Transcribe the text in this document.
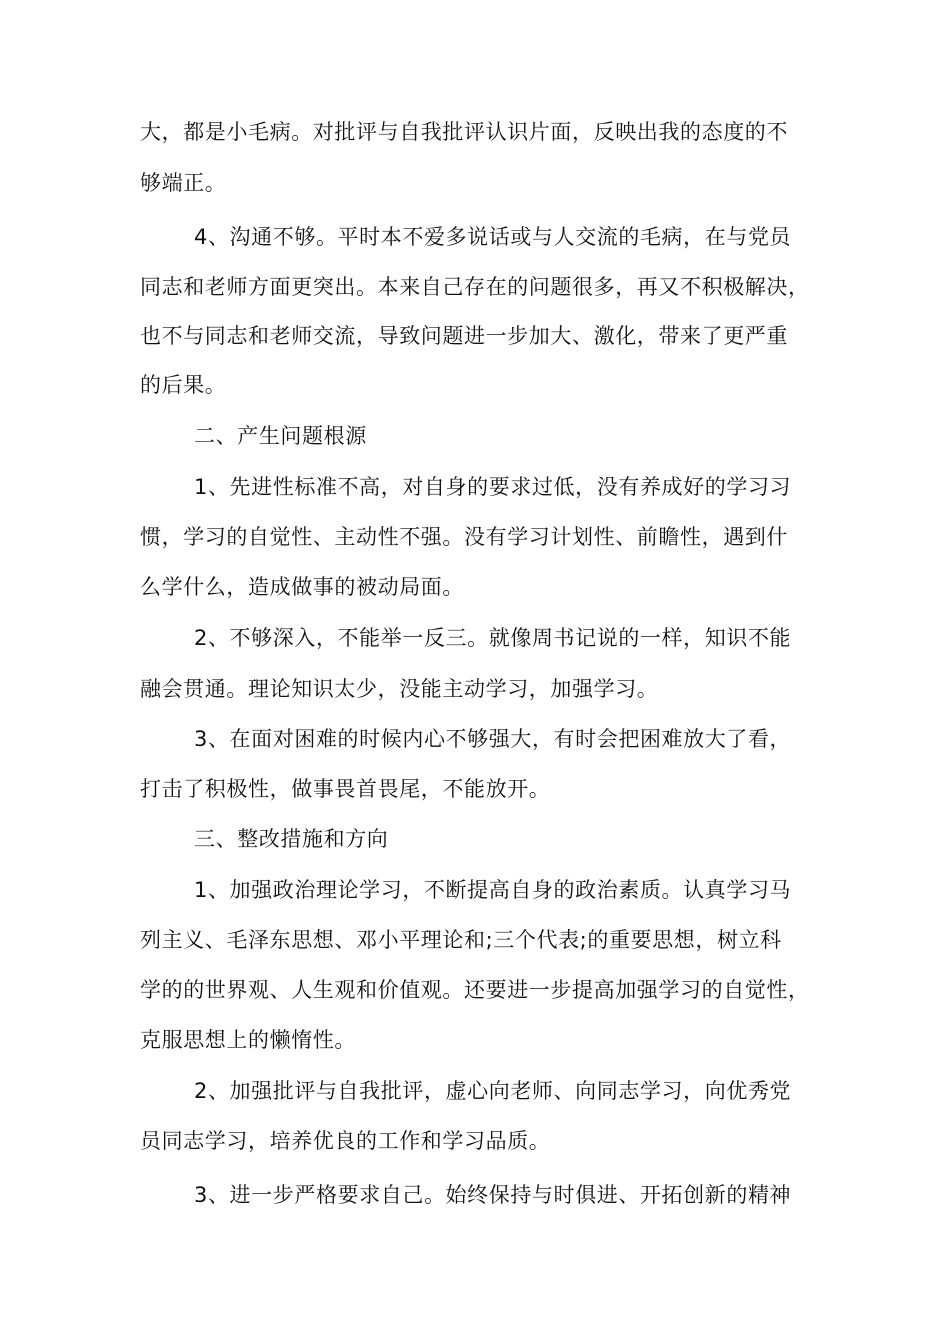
大，都是小毛病。对批评与自我批评认识片面，反映出我的态度的不
够端正。
4、沟通不够。平时本不爱多说话或与人交流的毛病，在与党员
同志和老师方面更突出。本来自己存在的问题很多，再又不积极解决，
也不与同志和老师交流，导致问题进一步加大、激化，带来了更严重
的后果。
二、产生问题根源
1、先进性标准不高，对自身的要求过低，没有养成好的学习习
惯，学习的自觉性、主动性不强。没有学习计划性、前瞻性，遇到什
么学什么，造成做事的被动局面。
2、不够深入，不能举一反三。就像周书记说的一样，知识不能
融会贯通。理论知识太少，没能主动学习，加强学习。
3、在面对困难的时候内心不够强大，有时会把困难放大了看，
打击了积极性，做事畏首畏尾，不能放开。
三、整改措施和方向
1、加强政治理论学习，不断提高自身的政治素质。认真学习马
列主义、毛泽东思想、邓小平理论和;三个代表;的重要思想，树立科
学的的世界观、人生观和价值观。还要进一步提高加强学习的自觉性，
克服思想上的懒惰性。
2、加强批评与自我批评，虚心向老师、向同志学习，向优秀党
员同志学习，培养优良的工作和学习品质。
3、进一步严格要求自己。始终保持与时俱进、开拓创新的精神
